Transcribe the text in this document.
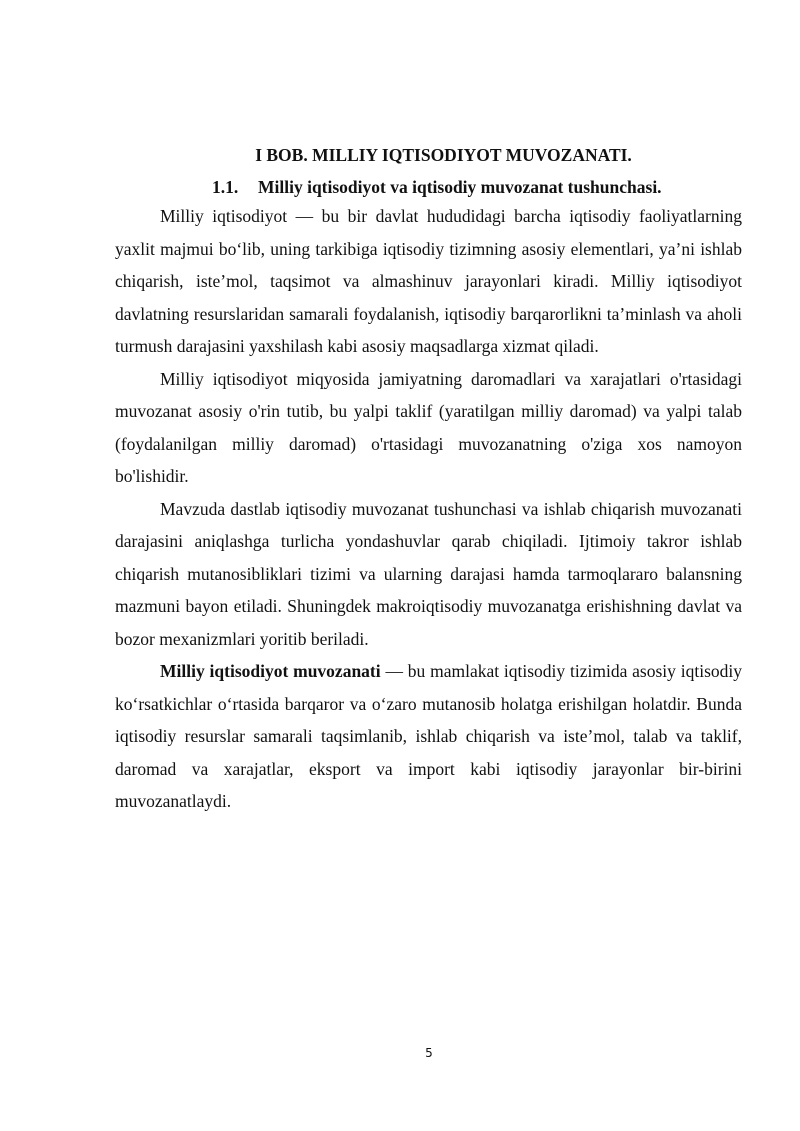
I BOB. MILLIY IQTISODIYOT MUVOZANATI.
1.1. Milliy iqtisodiyot va iqtisodiy muvozanat tushunchasi.

Milliy iqtisodiyot — bu bir davlat hududidagi barcha iqtisodiy faoliyatlarning yaxlit majmui bo‘lib, uning tarkibiga iqtisodiy tizimning asosiy elementlari, ya’ni ishlab chiqarish, iste’mol, taqsimot va almashinuv jarayonlari kiradi. Milliy iqtisodiyot davlatning resurslaridan samarali foydalanish, iqtisodiy barqarorlikni ta’minlash va aholi turmush darajasini yaxshilash kabi asosiy maqsadlarga xizmat qiladi.

Milliy iqtisodiyot miqyosida jamiyatning daromadlari va xarajatlari o'rtasidagi muvozanat asosiy o'rin tutib, bu yalpi taklif (yaratilgan milliy daromad) va yalpi talab (foydalanilgan milliy daromad) o'rtasidagi muvozanatning o'ziga xos namoyon bo'lishidir.

Mavzuda dastlab iqtisodiy muvozanat tushunchasi va ishlab chiqarish muvozanati darajasini aniqlashga turlicha yondashuvlar qarab chiqiladi. Ijtimoiy takror ishlab chiqarish mutanosibliklari tizimi va ularning darajasi hamda tarmoqlararo balansning mazmuni bayon etiladi. Shuningdek makroiqtisodiy muvozanatga erishishning davlat va bozor mexanizmlari yoritib beriladi.

Milliy iqtisodiyot muvozanati — bu mamlakat iqtisodiy tizimida asosiy iqtisodiy ko‘rsatkichlar o‘rtasida barqaror va o‘zaro mutanosib holatga erishilgan holatdir. Bunda iqtisodiy resurslar samarali taqsimlanib, ishlab chiqarish va iste’mol, talab va taklif, daromad va xarajatlar, eksport va import kabi iqtisodiy jarayonlar bir-birini muvozanatlaydi.

5
